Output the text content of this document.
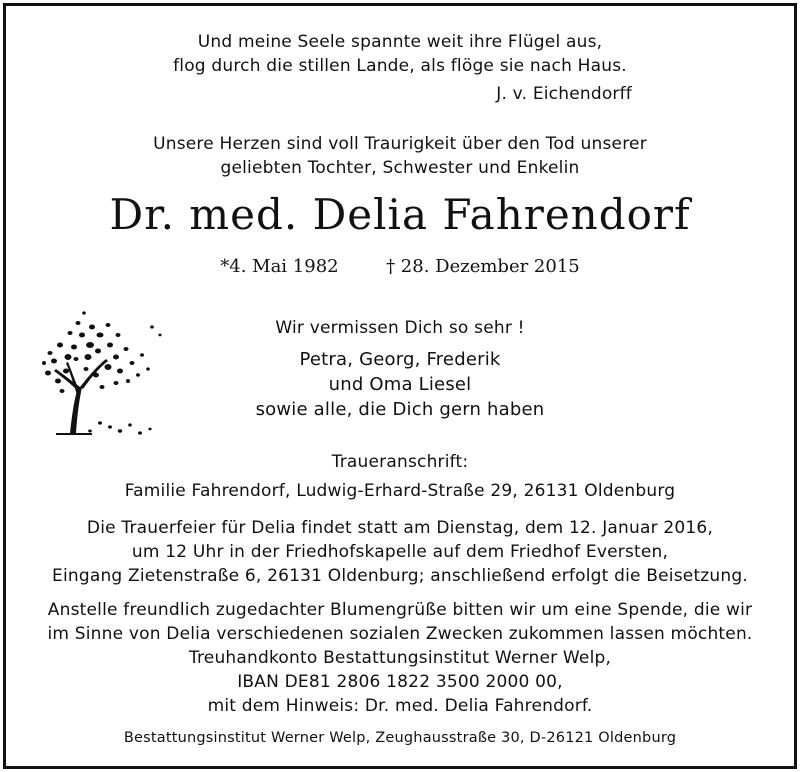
Und meine Seele spannte weit ihre Flügel aus,
flog durch die stillen Lande, als flöge sie nach Haus.
J. v. Eichendorff
Unsere Herzen sind voll Traurigkeit über den Tod unserer
geliebten Tochter, Schwester und Enkelin
Dr. med. Delia Fahrendorf
*4. Mai 1982	† 28. Dezember 2015
Wir vermissen Dich so sehr !
Petra, Georg, Frederik
und Oma Liesel
sowie alle, die Dich gern haben
Traueranschrift:
Familie Fahrendorf, Ludwig-Erhard-Straße 29, 26131 Oldenburg
Die Trauerfeier für Delia findet statt am Dienstag, dem 12. Januar 2016,
um 12 Uhr in der Friedhofskapelle auf dem Friedhof Eversten,
Eingang Zietenstraße 6, 26131 Oldenburg; anschließend erfolgt die Beisetzung.
Anstelle freundlich zugedachter Blumengrüße bitten wir um eine Spende, die wir
im Sinne von Delia verschiedenen sozialen Zwecken zukommen lassen möchten.
Treuhandkonto Bestattungsinstitut Werner Welp,
IBAN DE81 2806 1822 3500 2000 00,
mit dem Hinweis: Dr. med. Delia Fahrendorf.
Bestattungsinstitut Werner Welp, Zeughausstraße 30, D-26121 Oldenburg
